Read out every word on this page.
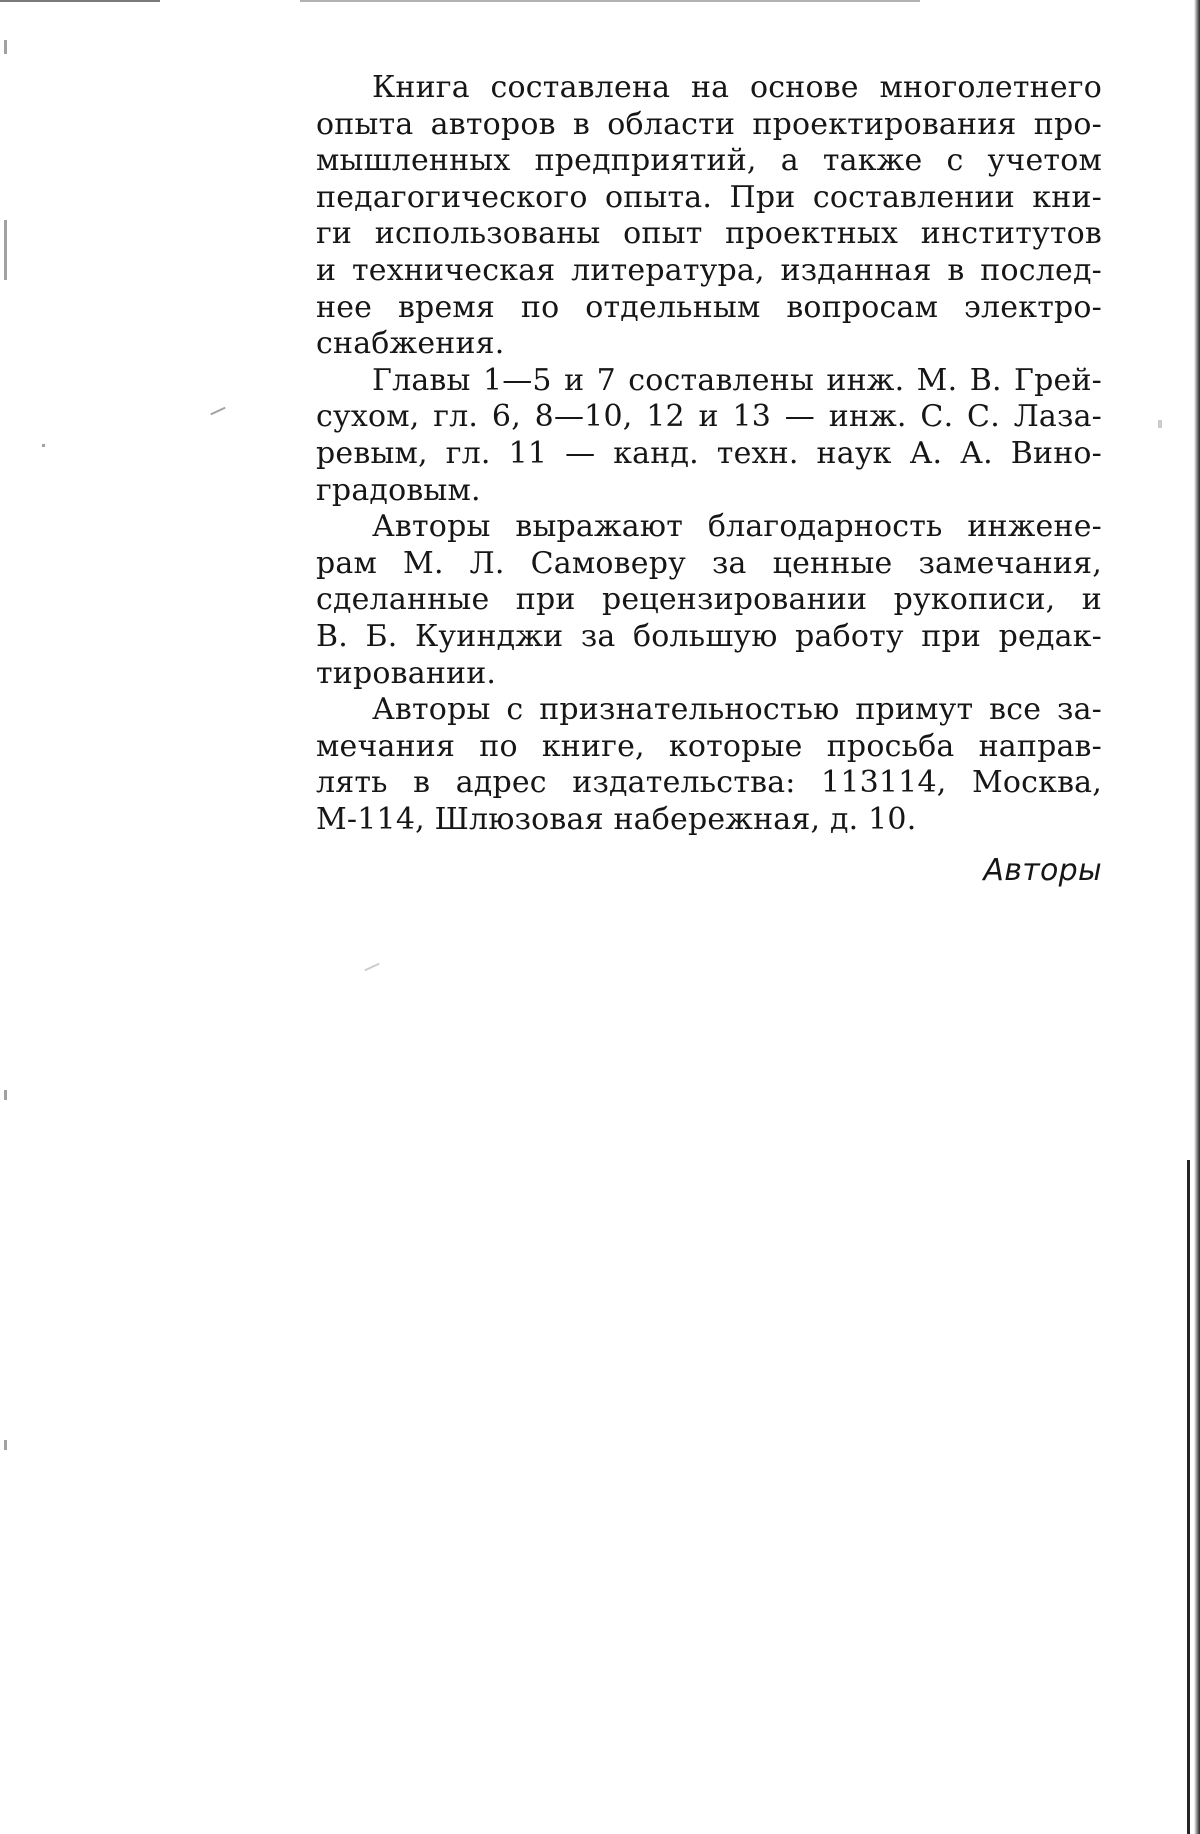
Книга составлена на основе многолетнего
опыта авторов в области проектирования про-
мышленных предприятий, а также с учетом
педагогического опыта. При составлении кни-
ги использованы опыт проектных институтов
и техническая литература, изданная в послед-
нее время по отдельным вопросам электро-
снабжения.
Главы 1—5 и 7 составлены инж. М. В. Грей-
сухом, гл. 6, 8—10, 12 и 13 — инж. С. С. Лаза-
ревым, гл. 11 — канд. техн. наук А. А. Вино-
градовым.
Авторы выражают благодарность инжене-
рам М. Л. Самоверу за ценные замечания,
сделанные при рецензировании рукописи, и
В. Б. Куинджи за большую работу при редак-
тировании.
Авторы с признательностью примут все за-
мечания по книге, которые просьба направ-
лять в адрес издательства: 113114, Москва,
М-114, Шлюзовая набережная, д. 10.
Авторы
